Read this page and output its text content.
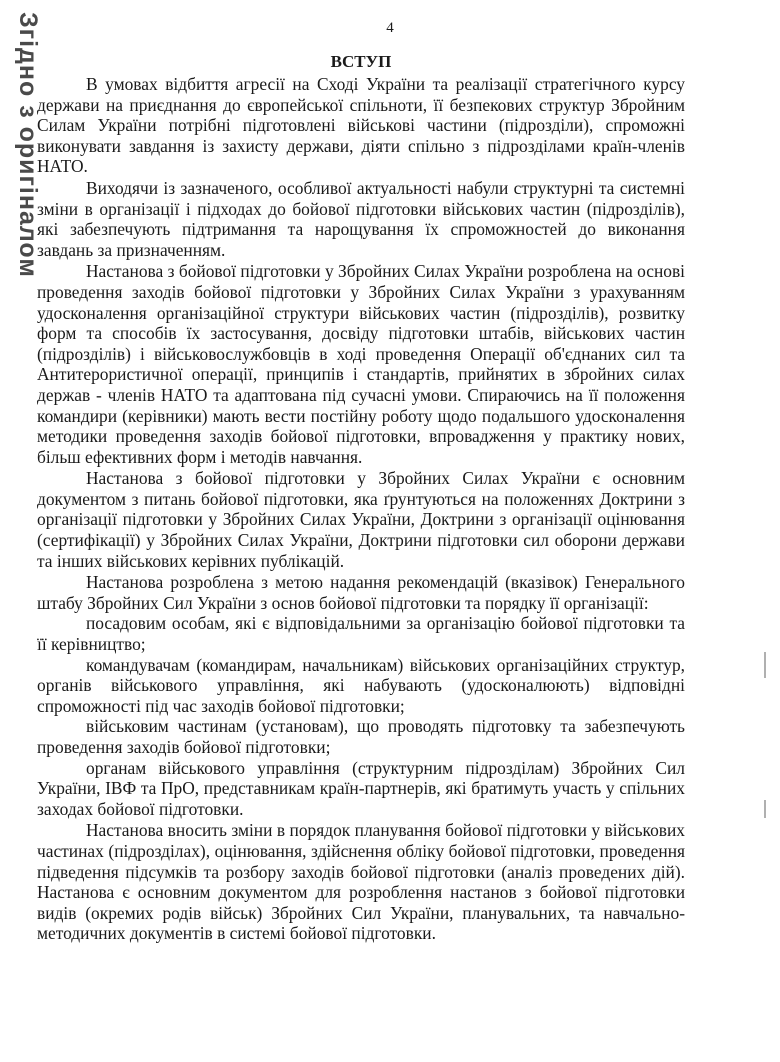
Згідно з оригіналом	4
ВСТУП

В умовах відбиття агресії на Сході України та реалізації стратегічного курсу держави на приєднання до європейської спільноти, її безпекових структур Збройним Силам України потрібні підготовлені військові частини (підрозділи), спроможні виконувати завдання із захисту держави, діяти спільно з підрозділами країн-членів НАТО.

Виходячи із зазначеного, особливої актуальності набули структурні та системні зміни в організації і підходах до бойової підготовки військових частин (підрозділів), які забезпечують підтримання та нарощування їх спроможностей до виконання завдань за призначенням.

Настанова з бойової підготовки у Збройних Силах України розроблена на основі проведення заходів бойової підготовки у Збройних Силах України з урахуванням удосконалення організаційної структури військових частин (підрозділів), розвитку форм та способів їх застосування, досвіду підготовки штабів, військових частин (підрозділів) і військовослужбовців в ході проведення Операції об'єднаних сил та Антитерористичної операції, принципів і стандартів, прийнятих в збройних силах держав - членів НАТО та адаптована під сучасні умови. Спираючись на її положення командири (керівники) мають вести постійну роботу щодо подальшого удосконалення методики проведення заходів бойової підготовки, впровадження у практику нових, більш ефективних форм і методів навчання.

Настанова з бойової підготовки у Збройних Силах України є основним документом з питань бойової підготовки, яка ґрунтуються на положеннях Доктрини з організації підготовки у Збройних Силах України, Доктрини з організації оцінювання (сертифікації) у Збройних Силах України, Доктрини підготовки сил оборони держави та інших військових керівних публікацій.

Настанова розроблена з метою надання рекомендацій (вказівок) Генерального штабу Збройних Сил України з основ бойової підготовки та порядку її організації:

посадовим особам, які є відповідальними за організацію бойової підготовки та її керівництво;

командувачам (командирам, начальникам) військових організаційних структур, органів військового управління, які набувають (удосконалюють) відповідні спроможності під час заходів бойової підготовки;

військовим частинам (установам), що проводять підготовку та забезпечують проведення заходів бойової підготовки;

органам військового управління (структурним підрозділам) Збройних Сил України, ІВФ та ПрО, представникам країн-партнерів, які братимуть участь у спільних заходах бойової підготовки.

Настанова вносить зміни в порядок планування бойової підготовки у військових частинах (підрозділах), оцінювання, здійснення обліку бойової підготовки, проведення підведення підсумків та розбору заходів бойової підготовки (аналіз проведених дій). Настанова є основним документом для розроблення настанов з бойової підготовки видів (окремих родів військ) Збройних Сил України, планувальних, та навчально-методичних документів в системі бойової підготовки.
